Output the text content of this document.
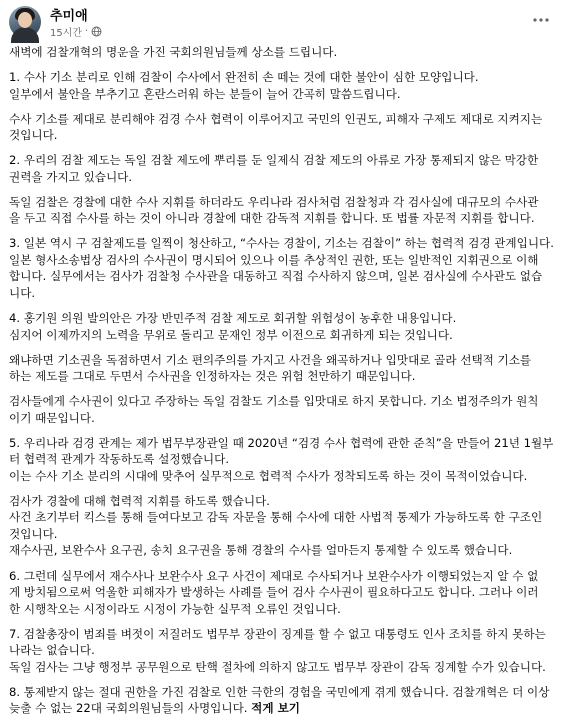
추미애
15시간 ·
새벽에 검찰개혁의 명운을 가진 국회의원님들께 상소를 드립니다.
1. 수사 기소 분리로 인해 검찰이 수사에서 완전히 손 떼는 것에 대한 불안이 심한 모양입니다.
일부에서 불안을 부추기고 혼란스러워 하는 분들이 늘어 간곡히 말씀드립니다.
수사 기소를 제대로 분리해야 검경 수사 협력이 이루어지고 국민의 인권도, 피해자 구제도 제대로 지켜지는
것입니다.
2. 우리의 검찰 제도는 독일 검찰 제도에 뿌리를 둔 일제식 검찰 제도의 아류로 가장 통제되지 않은 막강한
권력을 가지고 있습니다.
독일 검찰은 경찰에 대한 수사 지휘를 하더라도 우리나라 검사처럼 검찰청과 각 검사실에 대규모의 수사관
을 두고 직접 수사를 하는 것이 아니라 경찰에 대한 감독적 지휘를 합니다. 또 법률 자문적 지휘를 합니다.
3. 일본 역시 구 검찰제도를 일찍이 청산하고, “수사는 경찰이, 기소는 검찰이” 하는 협력적 검경 관계입니다.
일본 형사소송법상 검사의 수사권이 명시되어 있으나 이를 추상적인 권한, 또는 일반적인 지휘권으로 이해
합니다. 실무에서는 검사가 검찰청 수사관을 대동하고 직접 수사하지 않으며, 일본 검사실에 수사관도 없습
니다.
4. 홍기원 의원 발의안은 가장 반민주적 검찰 제도로 회귀할 위험성이 농후한 내용입니다.
심지어 이제까지의 노력을 무위로 돌리고 문재인 정부 이전으로 회귀하게 되는 것입니다.
왜냐하면 기소권을 독점하면서 기소 편의주의를 가지고 사건을 왜곡하거나 입맛대로 골라 선택적 기소를
하는 제도를 그대로 두면서 수사권을 인정하자는 것은 위험 천만하기 때문입니다.
검사들에게 수사권이 있다고 주장하는 독일 검찰도 기소를 입맛대로 하지 못합니다. 기소 법정주의가 원칙
이기 때문입니다.
5. 우리나라 검경 관계는 제가 법무부장관일 때 2020년 “검경 수사 협력에 관한 준칙”을 만들어 21년 1월부
터 협력적 관계가 작동하도록 설정했습니다.
이는 수사 기소 분리의 시대에 맞추어 실무적으로 협력적 수사가 정착되도록 하는 것이 목적이었습니다.
검사가 경찰에 대해 협력적 지휘를 하도록 했습니다.
사건 초기부터 킥스를 통해 들여다보고 감독 자문을 통해 수사에 대한 사법적 통제가 가능하도록 한 구조인
것입니다.
재수사권, 보완수사 요구권, 송치 요구권을 통해 경찰의 수사를 얼마든지 통제할 수 있도록 했습니다.
6. 그런데 실무에서 재수사나 보완수사 요구 사건이 제대로 수사되거나 보완수사가 이행되었는지 알 수 없
게 방치됨으로써 억울한 피해자가 발생하는 사례를 들어 검사 수사권이 필요하다고도 합니다. 그러나 이러
한 시행착오는 시정이라도 시정이 가능한 실무적 오류인 것입니다.
7. 검찰총장이 범죄를 벼젓이 저질러도 법무부 장관이 징계를 할 수 없고 대통령도 인사 조치를 하지 못하는
나라는 없습니다.
독일 검사는 그냥 행정부 공무원으로 탄핵 절차에 의하지 않고도 법무부 장관이 감독 징계할 수가 있습니다.
8. 통제받지 않는 절대 권한을 가진 검찰로 인한 극한의 경험을 국민에게 겪게 했습니다. 검찰개혁은 더 이상
늦출 수 없는 22대 국회의원님들의 사명입니다. 적게 보기
